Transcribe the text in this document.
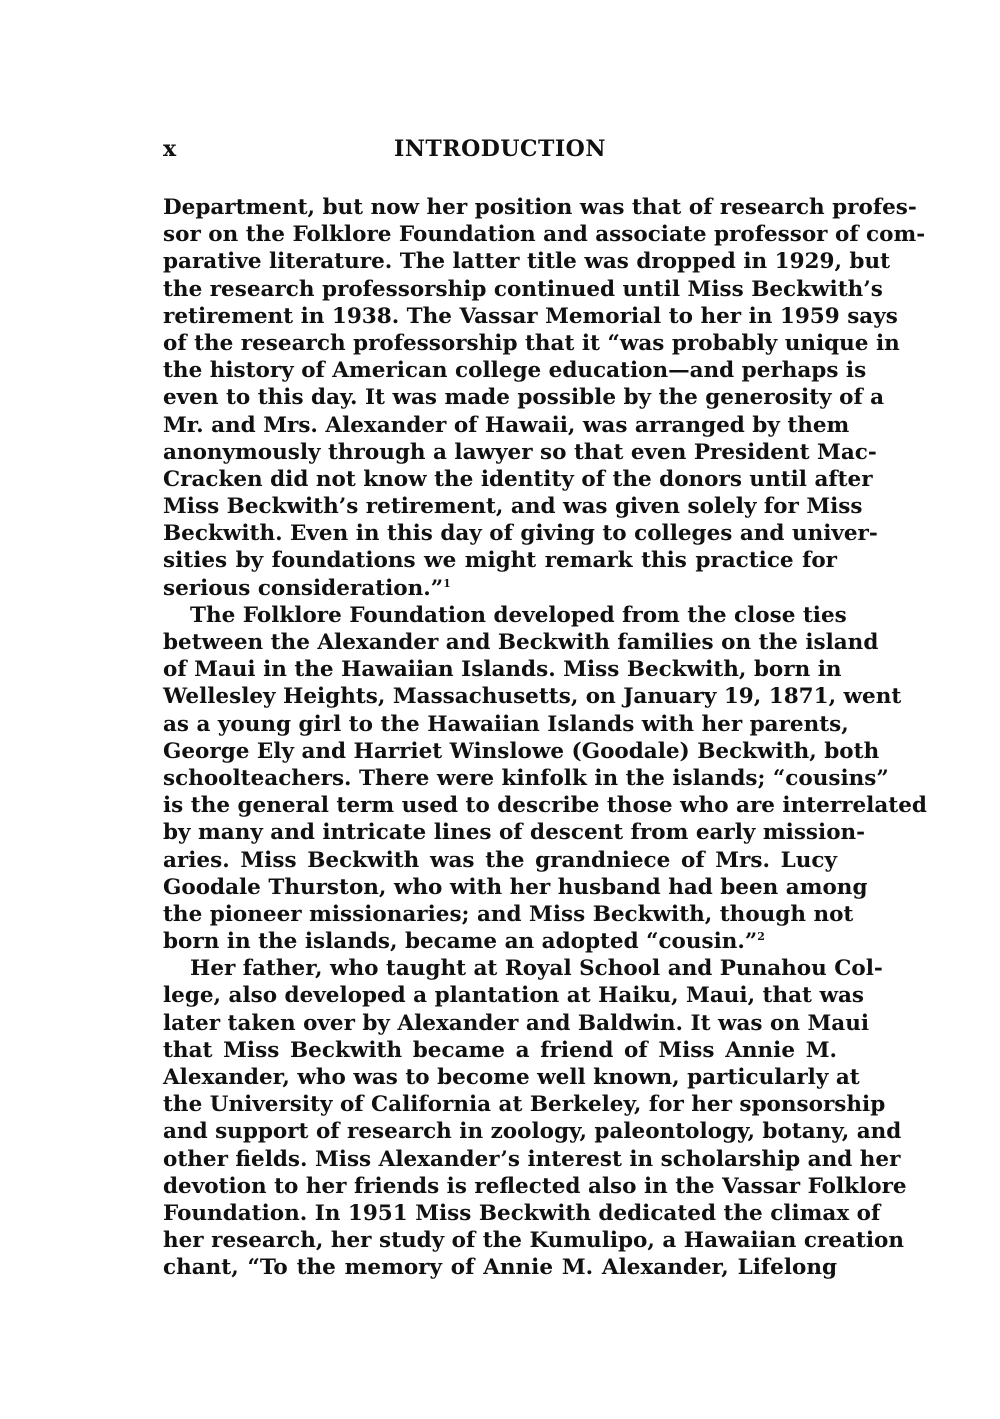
x	INTRODUCTION
Department, but now her position was that of research profes-
sor on the Folklore Foundation and associate professor of com-
parative literature. The latter title was dropped in 1929, but
the research professorship continued until Miss Beckwith’s
retirement in 1938. The Vassar Memorial to her in 1959 says
of the research professorship that it “was probably unique in
the history of American college education—and perhaps is
even to this day. It was made possible by the generosity of a
Mr. and Mrs. Alexander of Hawaii, was arranged by them
anonymously through a lawyer so that even President Mac-
Cracken did not know the identity of the donors until after
Miss Beckwith’s retirement, and was given solely for Miss
Beckwith. Even in this day of giving to colleges and univer-
sities by foundations we might remark this practice for
serious consideration.”$^1$
The Folklore Foundation developed from the close ties
between the Alexander and Beckwith families on the island
of Maui in the Hawaiian Islands. Miss Beckwith, born in
Wellesley Heights, Massachusetts, on January 19, 1871, went
as a young girl to the Hawaiian Islands with her parents,
George Ely and Harriet Winslowe (Goodale) Beckwith, both
schoolteachers. There were kinfolk in the islands; “cousins”
is the general term used to describe those who are interrelated
by many and intricate lines of descent from early mission-
aries. Miss Beckwith was the grandniece of Mrs. Lucy
Goodale Thurston, who with her husband had been among
the pioneer missionaries; and Miss Beckwith, though not
born in the islands, became an adopted “cousin.”$^2$
Her father, who taught at Royal School and Punahou Col-
lege, also developed a plantation at Haiku, Maui, that was
later taken over by Alexander and Baldwin. It was on Maui
that Miss Beckwith became a friend of Miss Annie M.
Alexander, who was to become well known, particularly at
the University of California at Berkeley, for her sponsorship
and support of research in zoology, paleontology, botany, and
other fields. Miss Alexander’s interest in scholarship and her
devotion to her friends is reflected also in the Vassar Folklore
Foundation. In 1951 Miss Beckwith dedicated the climax of
her research, her study of the Kumulipo, a Hawaiian creation
chant, “To the memory of Annie M. Alexander, Lifelong
